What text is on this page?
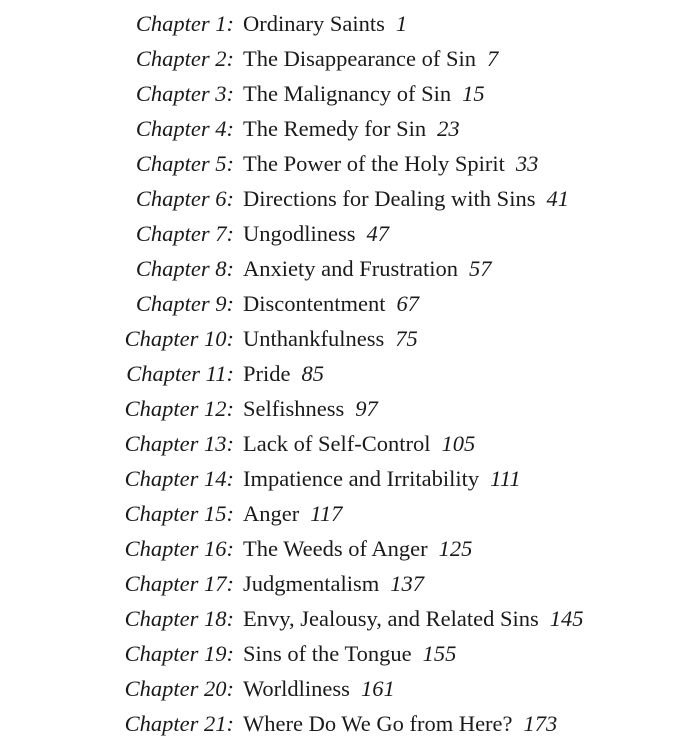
Chapter 1: Ordinary Saints 1
Chapter 2: The Disappearance of Sin 7
Chapter 3: The Malignancy of Sin 15
Chapter 4: The Remedy for Sin 23
Chapter 5: The Power of the Holy Spirit 33
Chapter 6: Directions for Dealing with Sins 41
Chapter 7: Ungodliness 47
Chapter 8: Anxiety and Frustration 57
Chapter 9: Discontentment 67
Chapter 10: Unthankfulness 75
Chapter 11: Pride 85
Chapter 12: Selfishness 97
Chapter 13: Lack of Self-Control 105
Chapter 14: Impatience and Irritability 111
Chapter 15: Anger 117
Chapter 16: The Weeds of Anger 125
Chapter 17: Judgmentalism 137
Chapter 18: Envy, Jealousy, and Related Sins 145
Chapter 19: Sins of the Tongue 155
Chapter 20: Worldliness 161
Chapter 21: Where Do We Go from Here? 173
